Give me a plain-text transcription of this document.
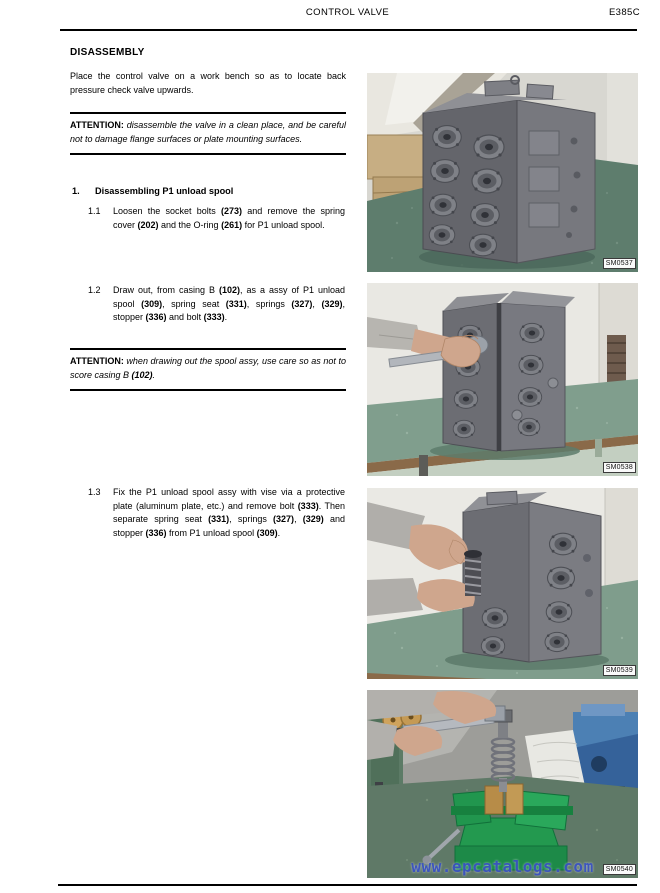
CONTROL VALVE	E385C
DISASSEMBLY
Place the control valve on a work bench so as to locate back pressure check valve upwards.
ATTENTION: disassemble the valve in a clean place, and be careful not to damage flange surfaces or plate mounting surfaces.
1.	Disassembling P1 unload spool
1.1	Loosen the socket bolts (273) and remove the spring cover (202) and the O-ring (261) for P1 unload spool.
1.2	Draw out, from casing B (102), as a assy of P1 unload spool (309), spring seat (331), springs (327), (329), stopper (336) and bolt (333).
ATTENTION: when drawing out the spool assy, use care so as not to score casing B (102).
1.3	Fix the P1 unload spool assy with vise via a protective plate (aluminum plate, etc.) and remove bolt (333). Then separate spring seat (331), springs (327), (329) and stopper (336) from P1 unload spool (309).
SM0537
SM0538
SM0539
www.epcatalogs.com	SM0540
